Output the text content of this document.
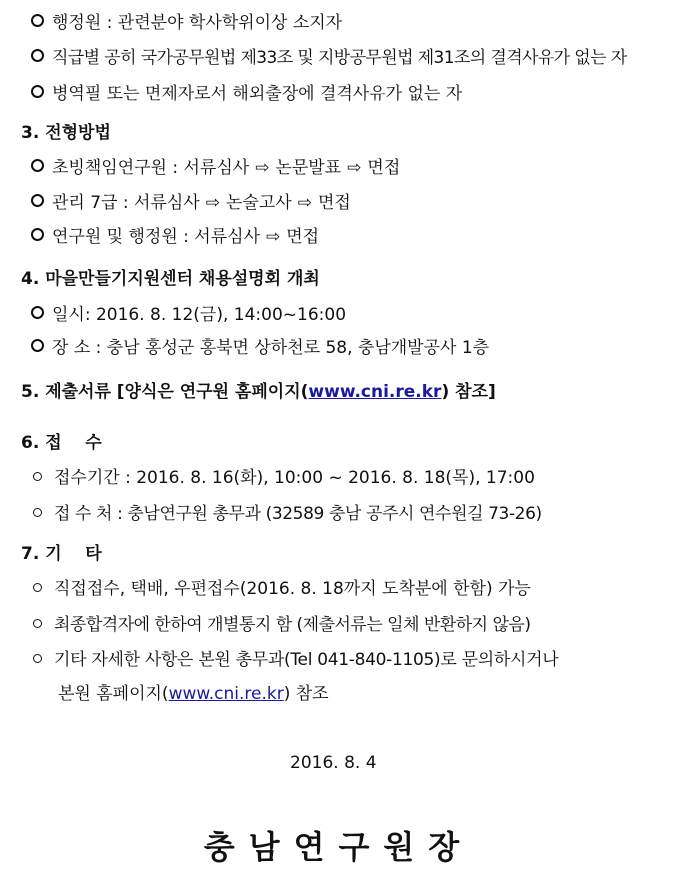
행정원 : 관련분야 학사학위이상 소지자
직급별 공히 국가공무원법 제33조 및 지방공무원법 제31조의 결격사유가 없는 자
병역필 또는 면제자로서 해외출장에 결격사유가 없는 자
3. 전형방법
초빙책임연구원 : 서류심사 ⇨ 논문발표 ⇨ 면접
관리 7급 : 서류심사 ⇨ 논술고사 ⇨ 면접
연구원 및 행정원 : 서류심사 ⇨ 면접
4. 마을만들기지원센터 채용설명회 개최
일시: 2016. 8. 12(금), 14:00~16:00
장 소 : 충남 홍성군 홍북면 상하천로 58, 충남개발공사 1층
5. 제출서류 [양식은 연구원 홈페이지(www.cni.re.kr) 참조]
6. 접    수
접수기간 : 2016. 8. 16(화), 10:00 ~ 2016. 8. 18(목), 17:00
접 수 처 : 충남연구원 총무과 (32589 충남 공주시 연수원길 73-26)
7. 기    타
직접접수, 택배, 우편접수(2016. 8. 18까지 도착분에 한함) 가능
최종합격자에 한하여 개별통지 함 (제출서류는 일체 반환하지 않음)
기타 자세한 사항은 본원 총무과(Tel 041-840-1105)로 문의하시거나
본원 홈페이지(www.cni.re.kr) 참조
2016. 8. 4
충남연구원장
